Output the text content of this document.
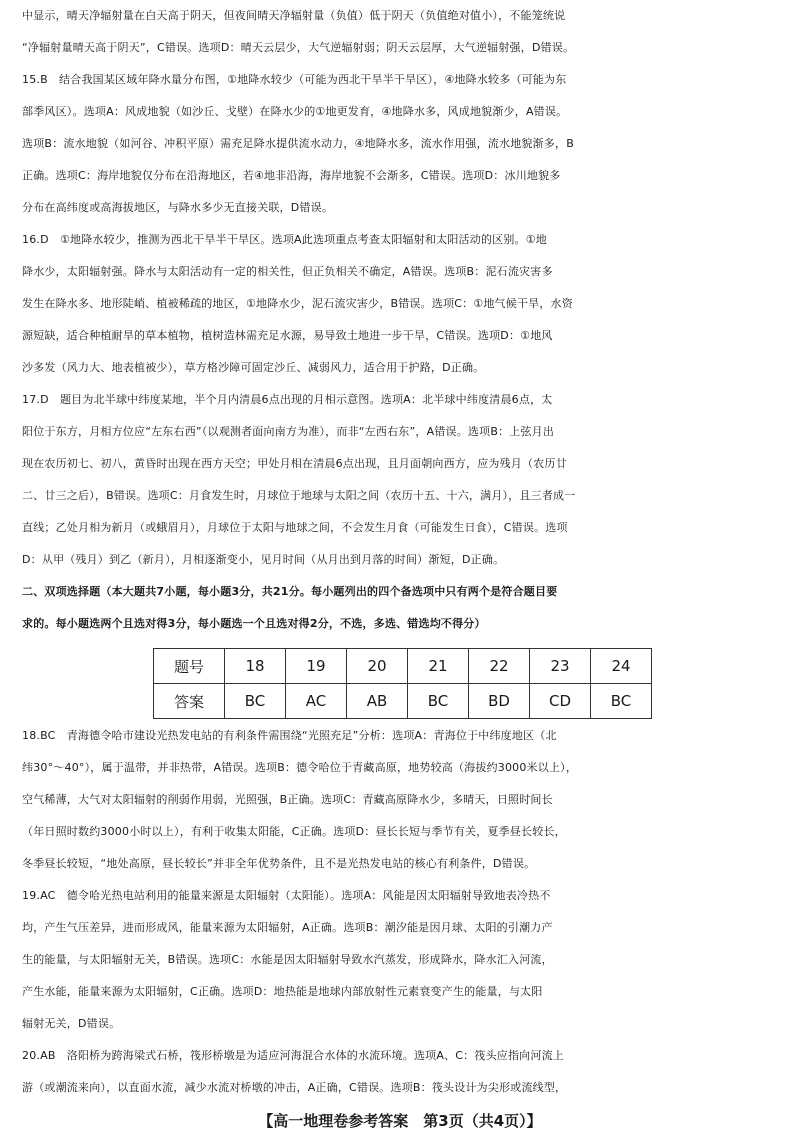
中显示，晴天净辐射量在白天高于阴天，但夜间晴天净辐射量（负值）低于阴天（负值绝对值小），不能笼统说
“净辐射量晴天高于阴天”，C错误。选项D：晴天云层少，大气逆辐射弱；阴天云层厚，大气逆辐射强，D错误。
15.B　结合我国某区域年降水量分布图，①地降水较少（可能为西北干旱半干旱区），④地降水较多（可能为东
部季风区）。选项A：风成地貌（如沙丘、戈壁）在降水少的①地更发育，④地降水多，风成地貌渐少，A错误。
选项B：流水地貌（如河谷、冲积平原）需充足降水提供流水动力，④地降水多，流水作用强，流水地貌渐多，B
正确。选项C：海岸地貌仅分布在沿海地区，若④地非沿海，海岸地貌不会渐多，C错误。选项D：冰川地貌多
分布在高纬度或高海拔地区，与降水多少无直接关联，D错误。
16.D　①地降水较少，推测为西北干旱半干旱区。选项A此选项重点考查太阳辐射和太阳活动的区别。①地
降水少，太阳辐射强。降水与太阳活动有一定的相关性，但正负相关不确定，A错误。选项B：泥石流灾害多
发生在降水多、地形陡峭、植被稀疏的地区，①地降水少，泥石流灾害少，B错误。选项C：①地气候干旱，水资
源短缺，适合种植耐旱的草本植物，植树造林需充足水源，易导致土地进一步干旱，C错误。选项D：①地风
沙多发（风力大、地表植被少），草方格沙障可固定沙丘、减弱风力，适合用于护路，D正确。
17.D　题目为北半球中纬度某地，半个月内清晨6点出现的月相示意图。选项A：北半球中纬度清晨6点，太
阳位于东方，月相方位应“左东右西”（以观测者面向南方为准），而非“左西右东”，A错误。选项B：上弦月出
现在农历初七、初八，黄昏时出现在西方天空；甲处月相在清晨6点出现，且月面朝向西方，应为残月（农历廿
二、廿三之后），B错误。选项C：月食发生时，月球位于地球与太阳之间（农历十五、十六，满月），且三者成一
直线；乙处月相为新月（或蛾眉月），月球位于太阳与地球之间，不会发生月食（可能发生日食），C错误。选项
D：从甲（残月）到乙（新月），月相逐渐变小，见月时间（从月出到月落的时间）渐短，D正确。
二、双项选择题（本大题共7小题，每小题3分，共21分。每小题列出的四个备选项中只有两个是符合题目要
题号	18	19	20	21	22	23	24
答案	BC	AC	AB	BC	BD	CD	BC
18.BC　青海德令哈市建设光热发电站的有利条件需围绕“光照充足”分析：选项A：青海位于中纬度地区（北
纬30°～40°），属于温带，并非热带，A错误。选项B：德令哈位于青藏高原，地势较高（海拔约3000米以上），
空气稀薄，大气对太阳辐射的削弱作用弱，光照强，B正确。选项C：青藏高原降水少，多晴天，日照时间长
（年日照时数约3000小时以上），有利于收集太阳能，C正确。选项D：昼长长短与季节有关，夏季昼长较长，
冬季昼长较短，“地处高原，昼长较长”并非全年优势条件，且不是光热发电站的核心有利条件，D错误。
19.AC　德令哈光热电站利用的能量来源是太阳辐射（太阳能）。选项A：风能是因太阳辐射导致地表冷热不
均，产生气压差异，进而形成风，能量来源为太阳辐射，A正确。选项B：潮汐能是因月球、太阳的引潮力产
生的能量，与太阳辐射无关，B错误。选项C：水能是因太阳辐射导致水汽蒸发，形成降水，降水汇入河流，
产生水能，能量来源为太阳辐射，C正确。选项D：地热能是地球内部放射性元素衰变产生的能量，与太阳
辐射无关，D错误。
20.AB　洛阳桥为跨海梁式石桥，筏形桥墩是为适应河海混合水体的水流环境。选项A、C：筏头应指向河流上
游（或潮流来向），以直面水流，减少水流对桥墩的冲击，A正确，C错误。选项B：筏头设计为尖形或流线型，
【高一地理卷参考答案　第3页（共4页）】
求的。每小题选两个且选对得3分，每小题选一个且选对得2分，不选，多选、错选均不得分）
